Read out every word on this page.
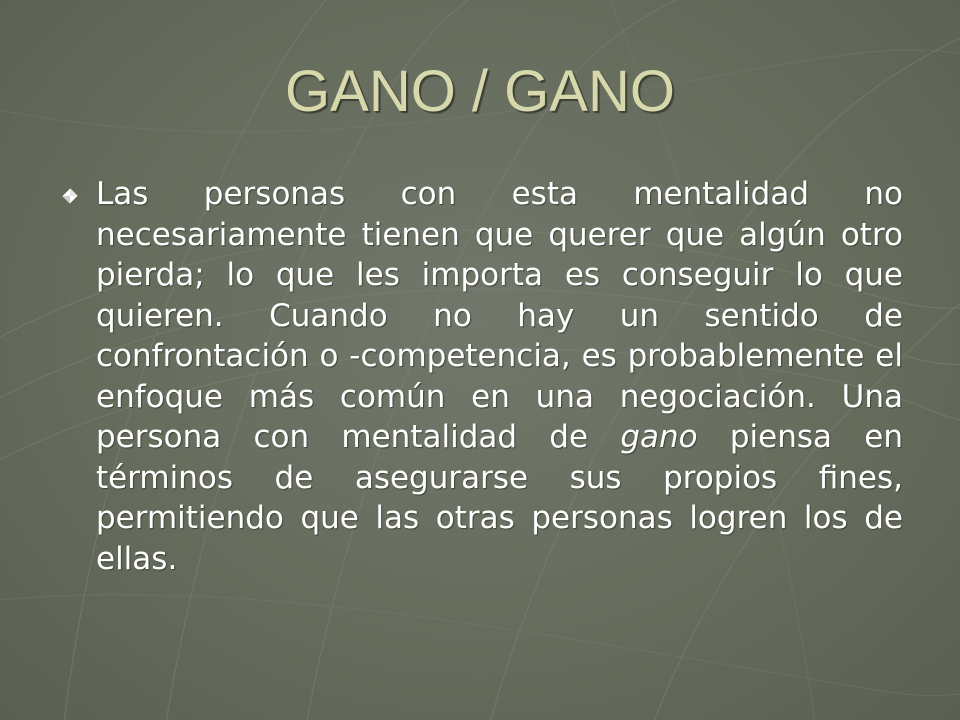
GANO / GANO

Las personas con esta mentalidad no necesariamente tienen que querer que algún otro pierda; lo que les importa es conseguir lo que quieren. Cuando no hay un sentido de confrontación o -competencia, es probablemente el enfoque más común en una negociación. Una persona con mentalidad de gano piensa en términos de asegurarse sus propios fines, permitiendo que las otras personas logren los de ellas.
